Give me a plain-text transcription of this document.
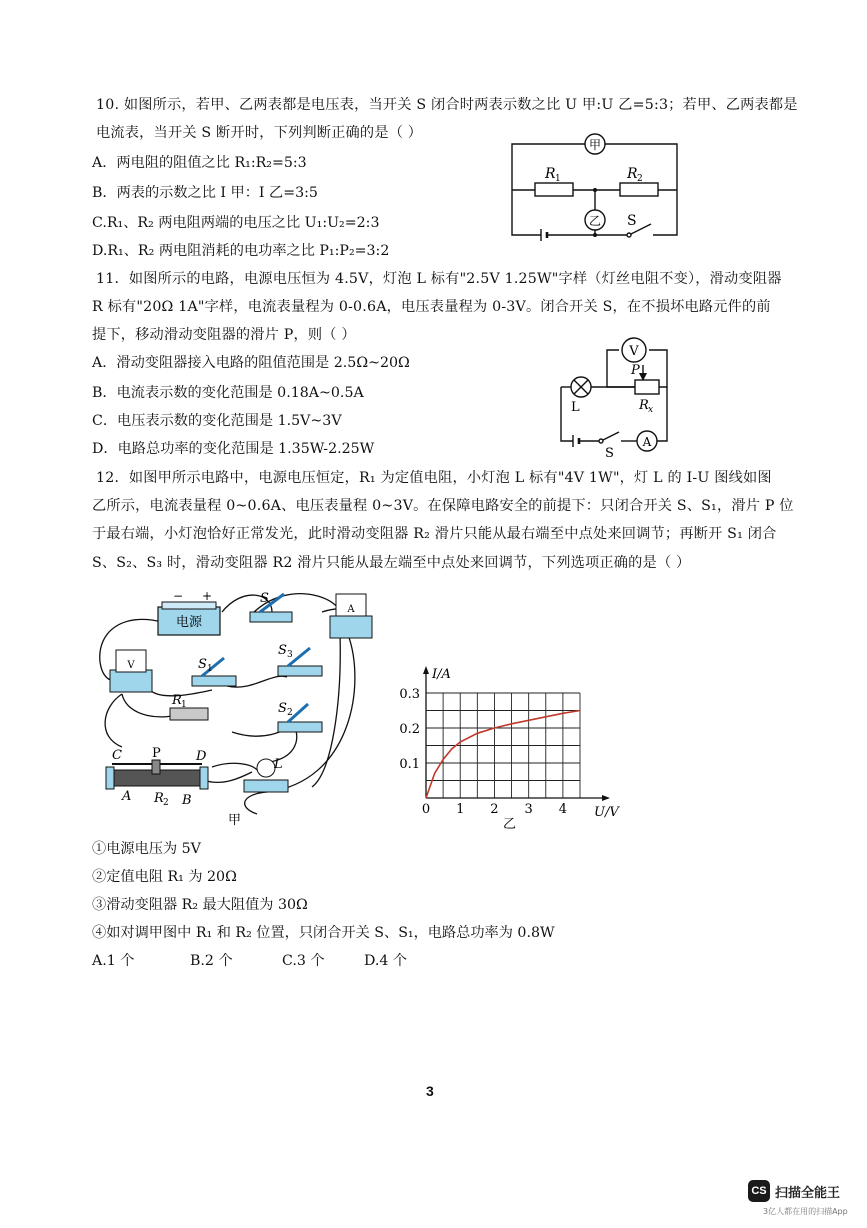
10. 如图所示，若甲、乙两表都是电压表，当开关 S 闭合时两表示数之比 U 甲:U 乙=5:3；若甲、乙两表都是
电流表，当开关 S 断开时，下列判断正确的是（ ）
A．两电阻的阻值之比 R₁:R₂=5:3
B．两表的示数之比 I 甲：I 乙=3:5
C.R₁、R₂ 两电阻两端的电压之比 U₁:U₂=2:3
D.R₁、R₂ 两电阻消耗的电功率之比 P₁:P₂=3:2
甲
乙
R 1	R 2
S
11．如图所示的电路，电源电压恒为 4.5V，灯泡 L 标有"2.5V 1.25W"字样（灯丝电阻不变），滑动变阻器
R 标有"20Ω 1A"字样，电流表量程为 0-0.6A，电压表量程为 0-3V。闭合开关 S，在不损坏电路元件的前
提下，移动滑动变阻器的滑片 P，则（ ）
A．滑动变阻器接入电路的阻值范围是 2.5Ω~20Ω
B．电流表示数的变化范围是 0.18A~0.5A
C．电压表示数的变化范围是 1.5V~3V
D．电路总功率的变化范围是 1.35W-2.25W
V
A
L
P
R x
S
12．如图甲所示电路中，电源电压恒定，R₁ 为定值电阻，小灯泡 L 标有"4V 1W"，灯 L 的 I-U 图线如图
乙所示，电流表量程 0~0.6A、电压表量程 0~3V。在保障电路安全的前提下：只闭合开关 S、S₁，滑片 P 位
于最右端，小灯泡恰好正常发光，此时滑动变阻器 R₂ 滑片只能从最右端至中点处来回调节；再断开 S₁ 闭合
S、S₂、S₃ 时，滑动变阻器 R2 滑片只能从最左端至中点处来回调节，下列选项正确的是（ ）
电源
− +	S
V
A
S 1
S 3
R 1	S 2
C P	D
A	B
R 2
L
甲
0 1 2 3 4
0.1
0.2
0.3
I/A
U/V
乙
①电源电压为 5V
②定值电阻 R₁ 为 20Ω
③滑动变阻器 R₂ 最大阻值为 30Ω
④如对调甲图中 R₁ 和 R₂ 位置，只闭合开关 S、S₁，电路总功率为 0.8W
A.1 个	B.2 个	C.3 个	D.4 个
3
CS 扫描全能王
3亿人都在用的扫描App
